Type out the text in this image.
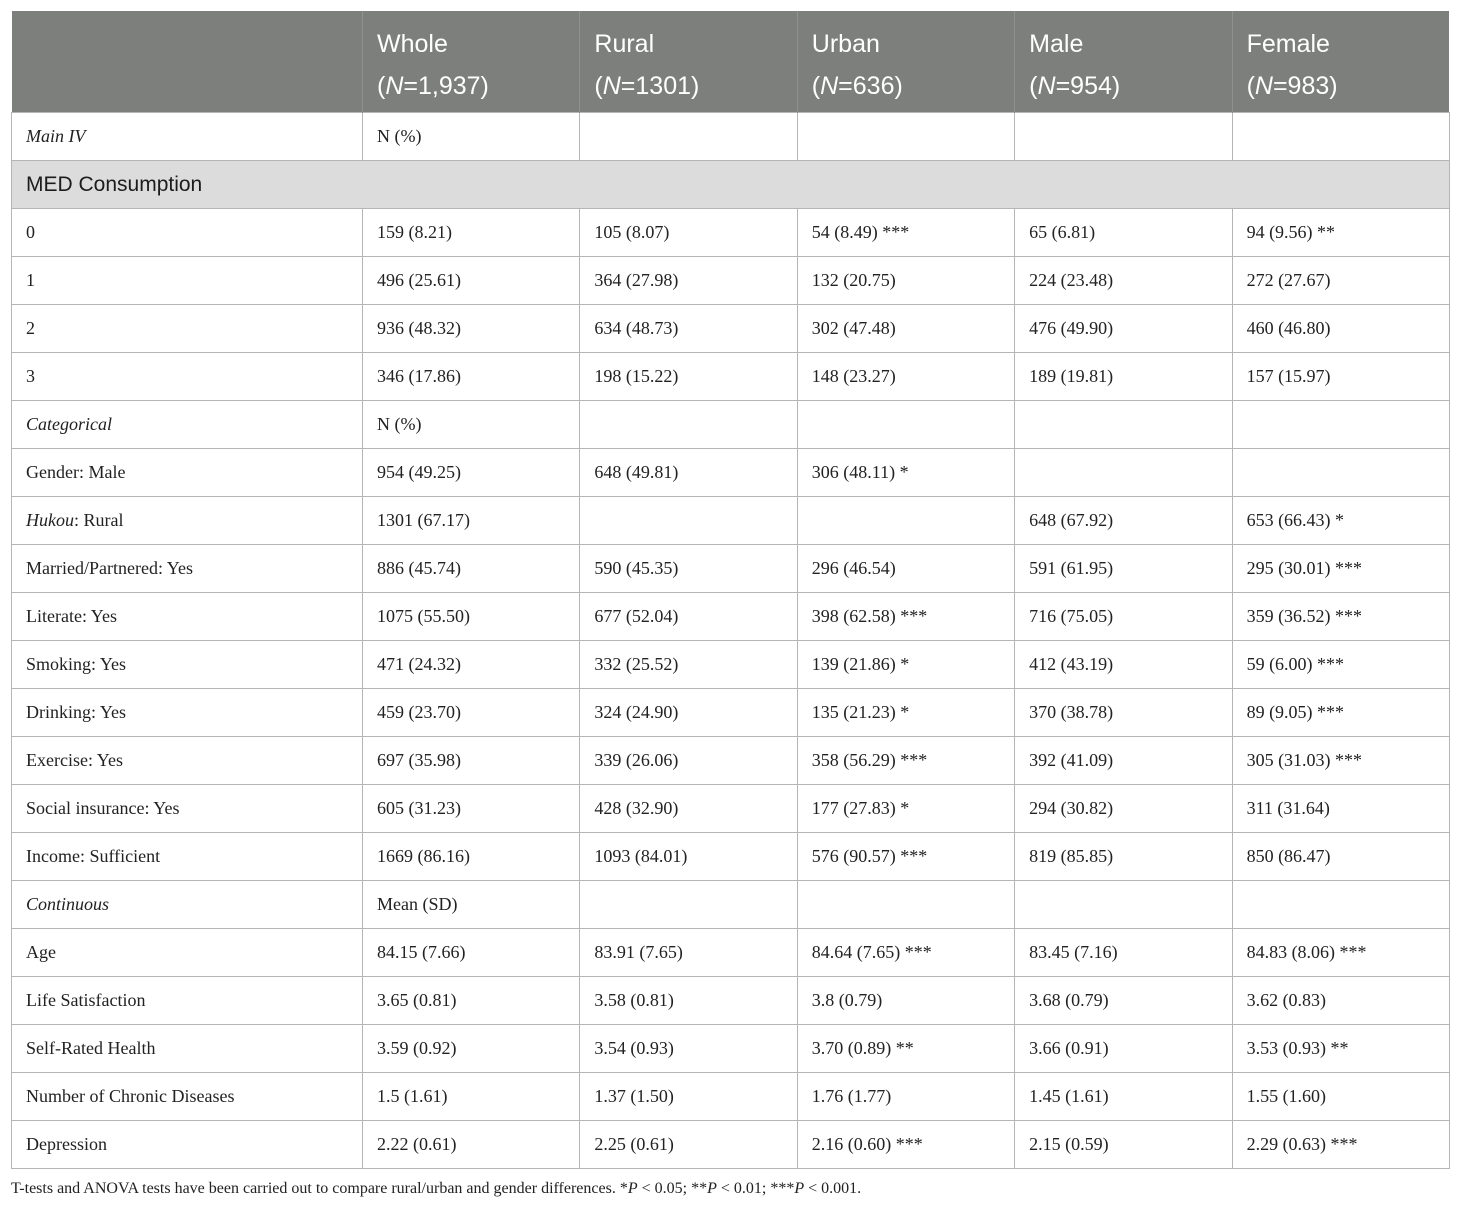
	Whole	Rural	Urban	Male	Female
	(N=1,937)	(N=1301)	(N=636)	(N=954)	(N=983)
Main IV	N (%)				
MED Consumption					
0	159 (8.21)	105 (8.07)	54 (8.49) ***	65 (6.81)	94 (9.56) **
1	496 (25.61)	364 (27.98)	132 (20.75)	224 (23.48)	272 (27.67)
2	936 (48.32)	634 (48.73)	302 (47.48)	476 (49.90)	460 (46.80)
3	346 (17.86)	198 (15.22)	148 (23.27)	189 (19.81)	157 (15.97)
Categorical	N (%)				
Gender: Male	954 (49.25)	648 (49.81)	306 (48.11) *		
Hukou: Rural	1301 (67.17)			648 (67.92)	653 (66.43) *
Married/Partnered: Yes	886 (45.74)	590 (45.35)	296 (46.54)	591 (61.95)	295 (30.01) ***
Literate: Yes	1075 (55.50)	677 (52.04)	398 (62.58) ***	716 (75.05)	359 (36.52) ***
Smoking: Yes	471 (24.32)	332 (25.52)	139 (21.86) *	412 (43.19)	59 (6.00) ***
Drinking: Yes	459 (23.70)	324 (24.90)	135 (21.23) *	370 (38.78)	89 (9.05) ***
Exercise: Yes	697 (35.98)	339 (26.06)	358 (56.29) ***	392 (41.09)	305 (31.03) ***
Social insurance: Yes	605 (31.23)	428 (32.90)	177 (27.83) *	294 (30.82)	311 (31.64)
Income: Sufficient	1669 (86.16)	1093 (84.01)	576 (90.57) ***	819 (85.85)	850 (86.47)
Continuous	Mean (SD)				
Age	84.15 (7.66)	83.91 (7.65)	84.64 (7.65) ***	83.45 (7.16)	84.83 (8.06) ***
Life Satisfaction	3.65 (0.81)	3.58 (0.81)	3.8 (0.79)	3.68 (0.79)	3.62 (0.83)
Self-Rated Health	3.59 (0.92)	3.54 (0.93)	3.70 (0.89) **	3.66 (0.91)	3.53 (0.93) **
Number of Chronic Diseases	1.5 (1.61)	1.37 (1.50)	1.76 (1.77)	1.45 (1.61)	1.55 (1.60)
Depression	2.22 (0.61)	2.25 (0.61)	2.16 (0.60) ***	2.15 (0.59)	2.29 (0.63) ***
T-tests and ANOVA tests have been carried out to compare rural/urban and gender differences. *P < 0.05; **P < 0.01; ***P < 0.001.
